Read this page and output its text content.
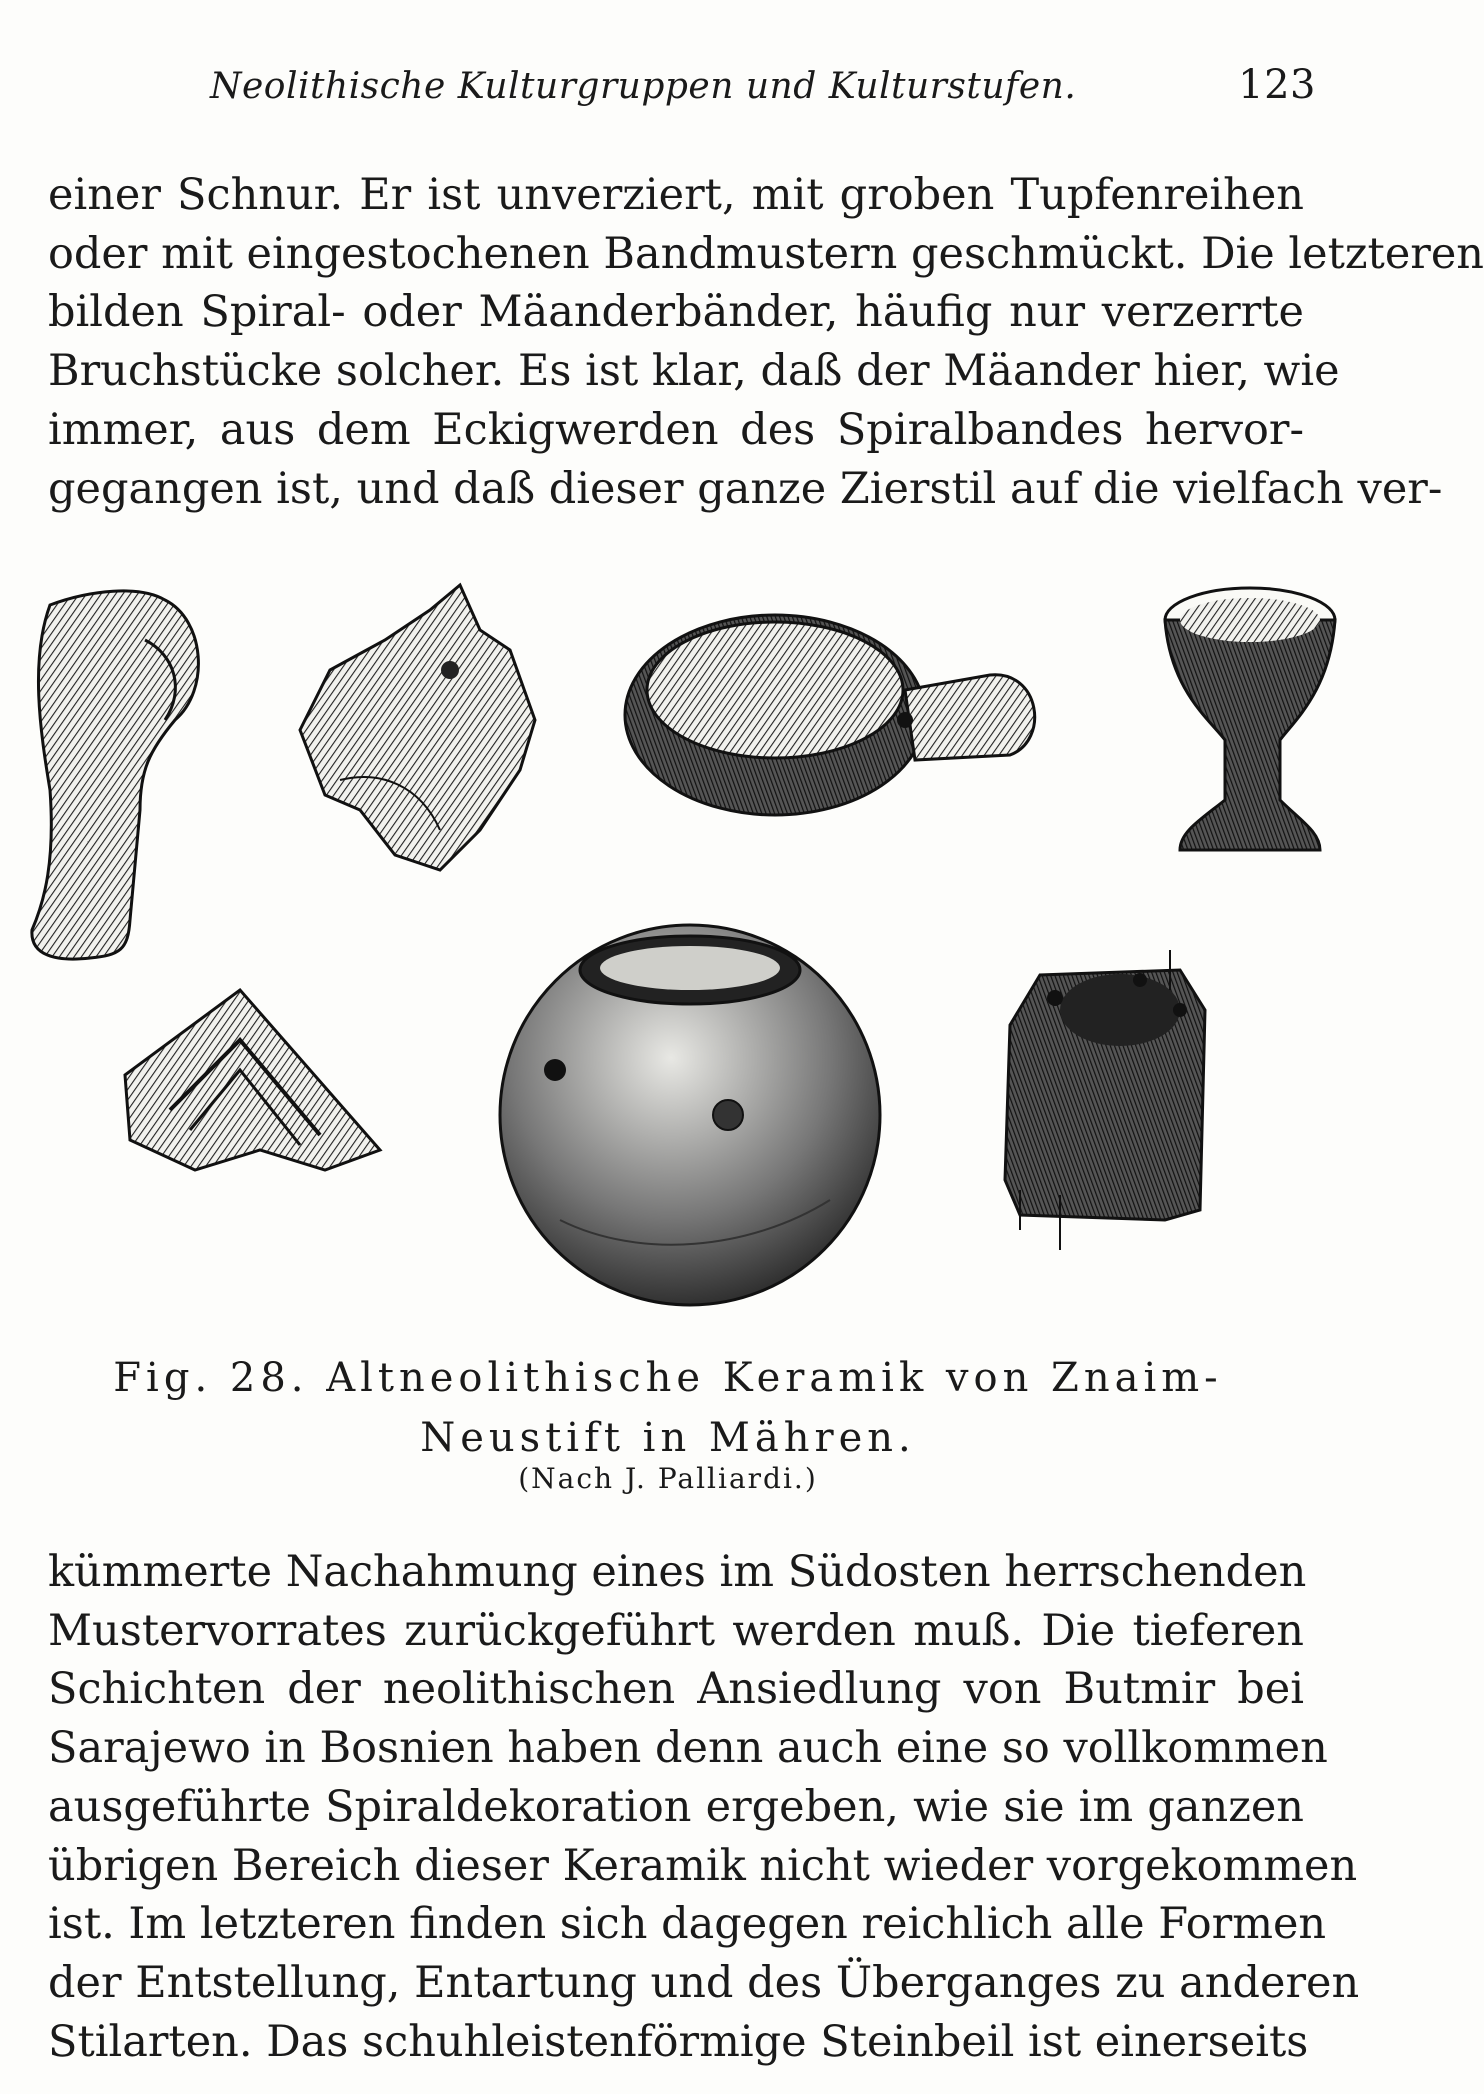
Neolithische Kulturgruppen und Kulturstufen.	123
einer Schnur. Er ist unverziert, mit groben Tupfenreihen
oder mit eingestochenen Bandmustern geschmückt. Die letzteren
bilden Spiral- oder Mäanderbänder, häufig nur verzerrte
Bruchstücke solcher. Es ist klar, daß der Mäander hier, wie
immer, aus dem Eckigwerden des Spiralbandes hervor-
gegangen ist, und daß dieser ganze Zierstil auf die vielfach ver-
Fig. 28. Altneolithische Keramik von Znaim-
Neustift in Mähren.
(Nach J. Palliardi.)
kümmerte Nachahmung eines im Südosten herrschenden
Mustervorrates zurückgeführt werden muß. Die tieferen
Schichten der neolithischen Ansiedlung von Butmir bei
Sarajewo in Bosnien haben denn auch eine so vollkommen
ausgeführte Spiraldekoration ergeben, wie sie im ganzen
übrigen Bereich dieser Keramik nicht wieder vorgekommen
ist. Im letzteren finden sich dagegen reichlich alle Formen
der Entstellung, Entartung und des Überganges zu anderen
Stilarten. Das schuhleistenförmige Steinbeil ist einerseits
